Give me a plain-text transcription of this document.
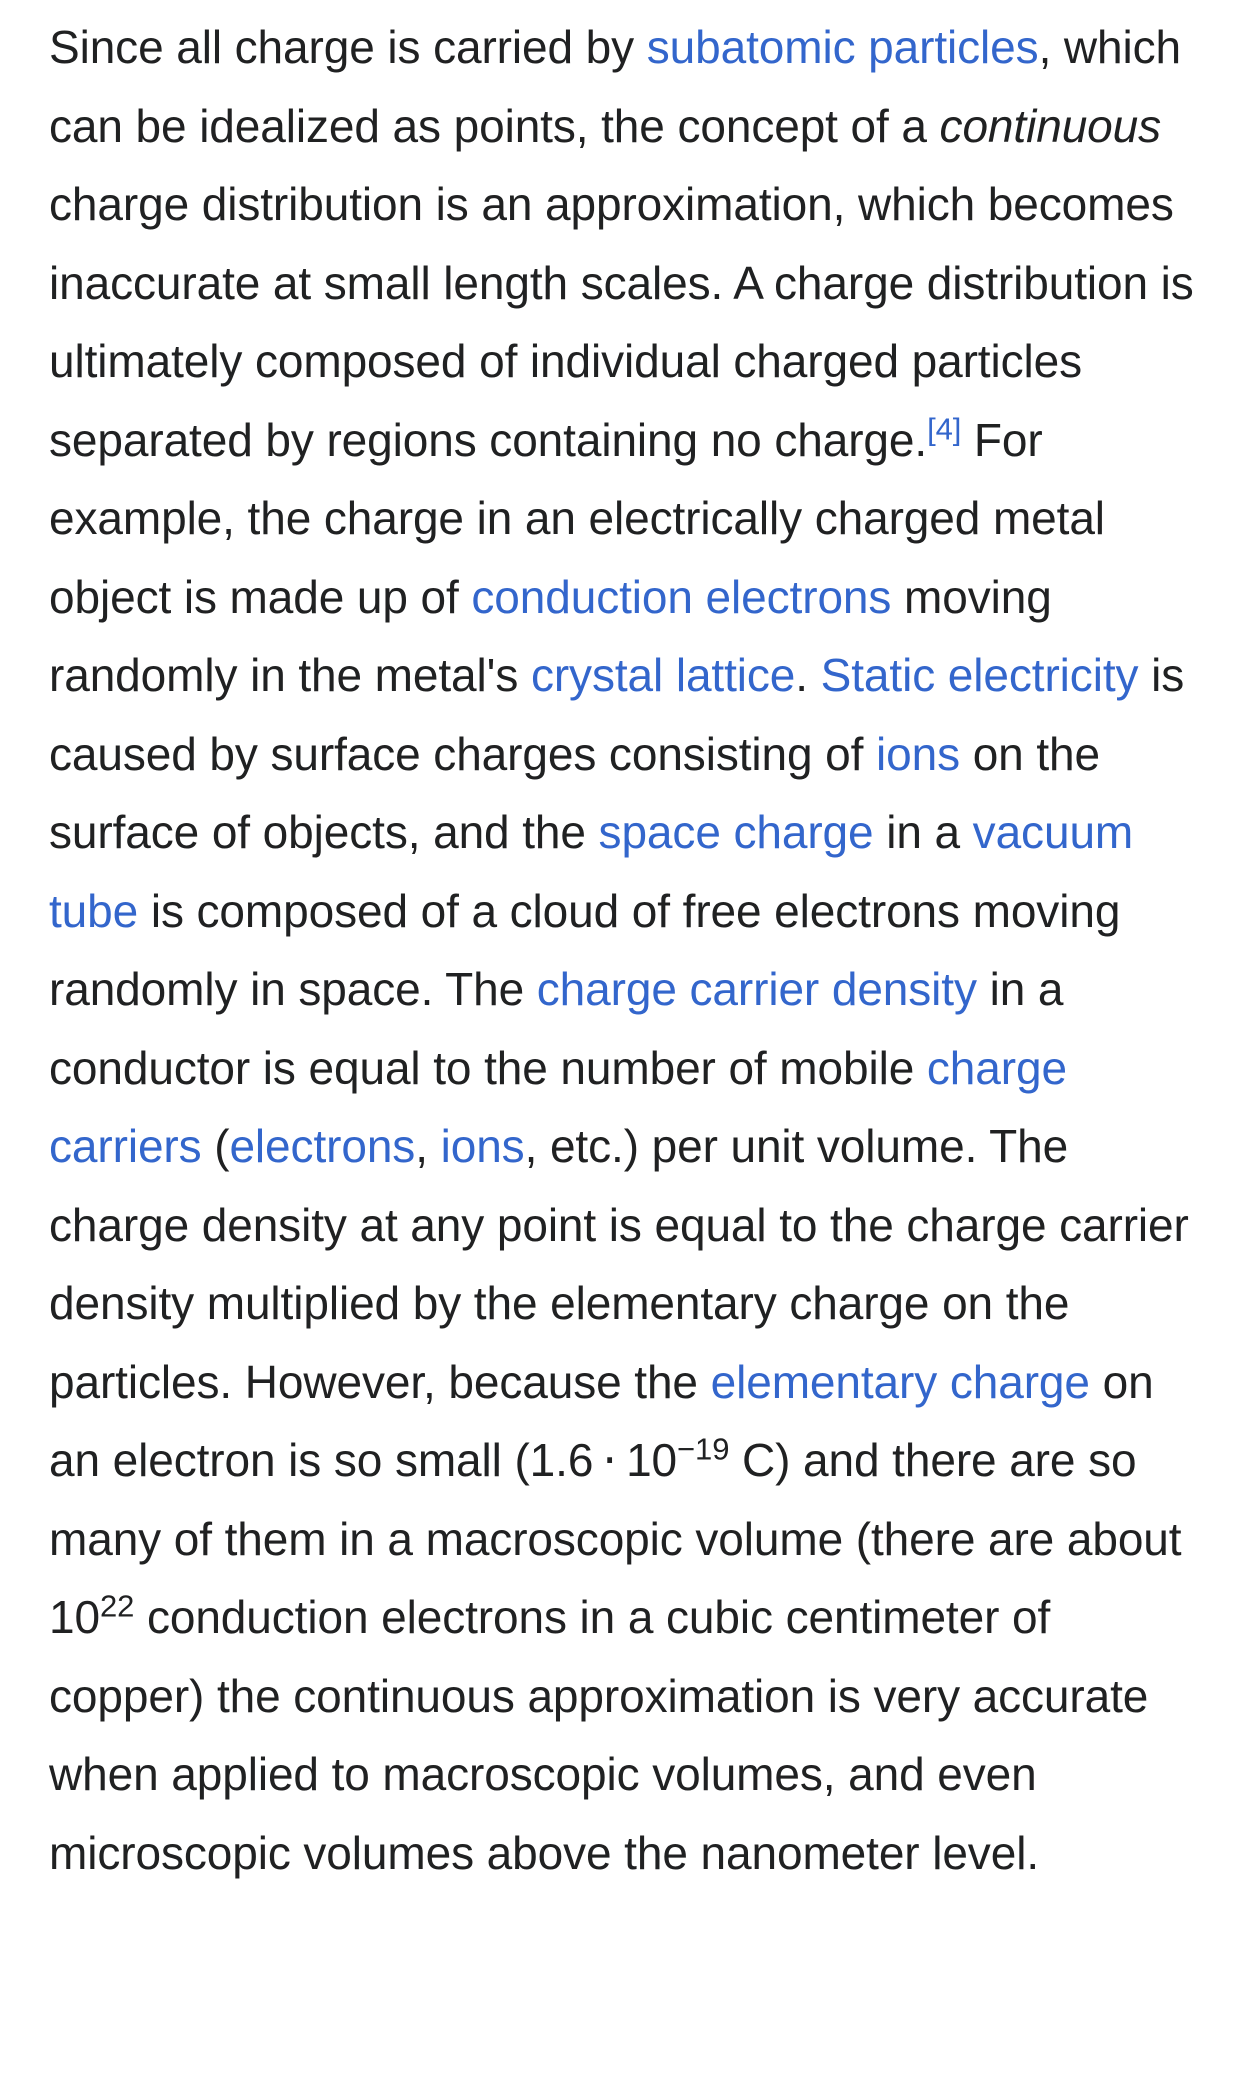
Since all charge is carried by subatomic particles, which can be idealized as points, the concept of a continuous charge distribution is an approximation, which becomes inaccurate at small length scales. A charge distribution is ultimately composed of individual charged particles separated by regions containing no charge.[4] For example, the charge in an electrically charged metal object is made up of conduction electrons moving randomly in the metal's crystal lattice. Static electricity is caused by surface charges consisting of ions on the surface of objects, and the space charge in a vacuum tube is composed of a cloud of free electrons moving randomly in space. The charge carrier density in a conductor is equal to the number of mobile charge carriers (electrons, ions, etc.) per unit volume. The charge density at any point is equal to the charge carrier density multiplied by the elementary charge on the particles. However, because the elementary charge on an electron is so small ($1.6 \cdot 10^{-19}$ C) and there are so many of them in a macroscopic volume (there are about $10^{22}$ conduction electrons in a cubic centimeter of copper) the continuous approximation is very accurate when applied to macroscopic volumes, and even microscopic volumes above the nanometer level.
